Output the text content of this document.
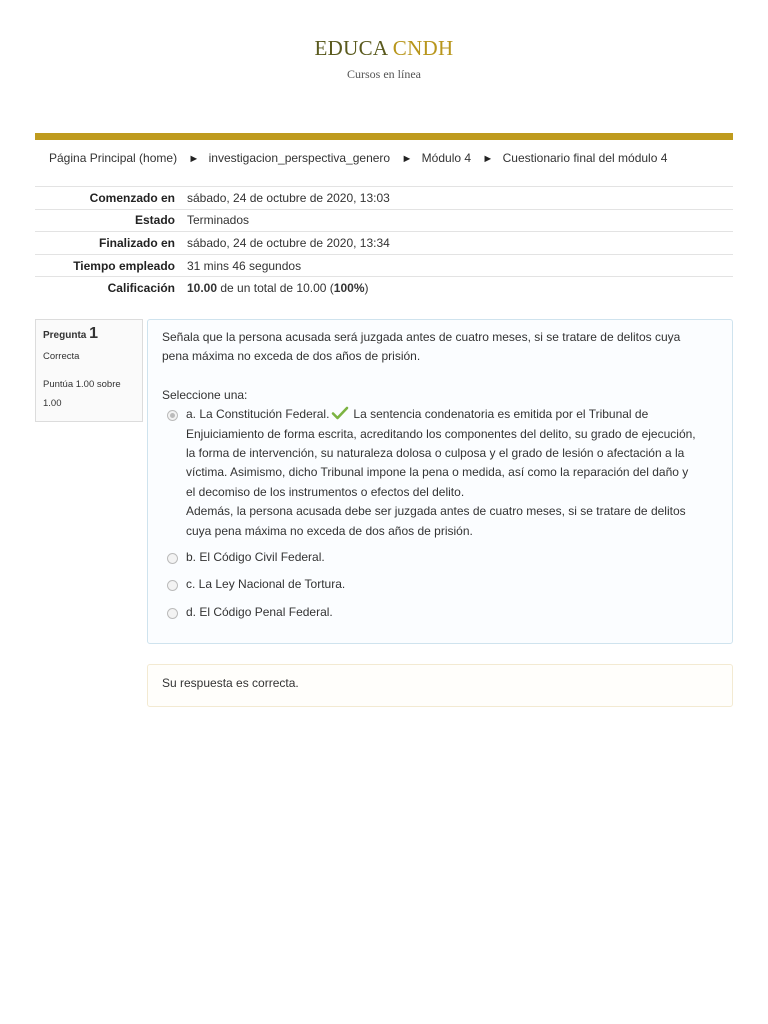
EDUCA CNDH
Cursos en línea
Página Principal (home) ► investigacion_perspectiva_genero ► Módulo 4 ► Cuestionario final del módulo 4
Comenzado en	sábado, 24 de octubre de 2020, 13:03
Estado	Terminados
Finalizado en	sábado, 24 de octubre de 2020, 13:34
Tiempo empleado	31 mins 46 segundos
Calificación	10.00 de un total de 10.00 (100%)
Pregunta 1
Correcta
Puntúa 1.00 sobre 1.00
Señala que la persona acusada será juzgada antes de cuatro meses, si se tratare de delitos cuya pena máxima no exceda de dos años de prisión.
Seleccione una:
a. La Constitución Federal. La sentencia condenatoria es emitida por el Tribunal de Enjuiciamiento de forma escrita, acreditando los componentes del delito, su grado de ejecución, la forma de intervención, su naturaleza dolosa o culposa y el grado de lesión o afectación a la víctima. Asimismo, dicho Tribunal impone la pena o medida, así como la reparación del daño y el decomiso de los instrumentos o efectos del delito.
Además, la persona acusada debe ser juzgada antes de cuatro meses, si se tratare de delitos cuya pena máxima no exceda de dos años de prisión.
b. El Código Civil Federal.
c. La Ley Nacional de Tortura.
d. El Código Penal Federal.
Su respuesta es correcta.
